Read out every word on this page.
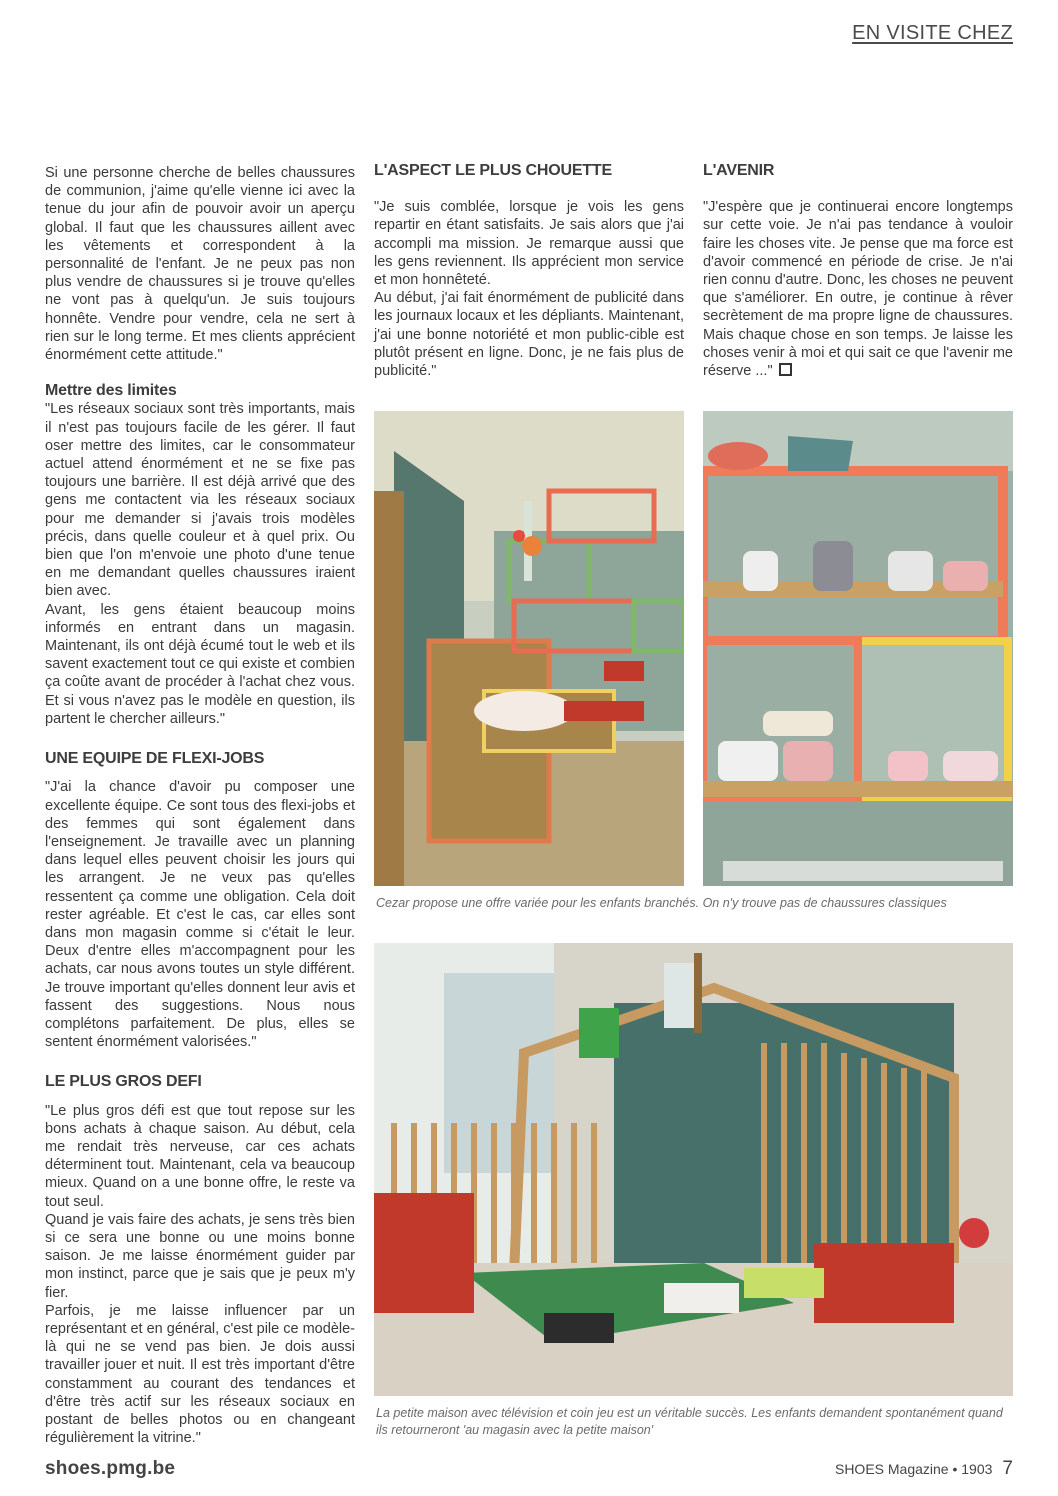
EN VISITE CHEZ

Si une personne cherche de belles chaussures de communion, j'aime qu'elle vienne ici avec la tenue du jour afin de pouvoir avoir un aperçu global. Il faut que les chaussures aillent avec les vêtements et correspondent à la personnalité de l'enfant. Je ne peux pas non plus vendre de chaussures si je trouve qu'elles ne vont pas à quelqu'un. Je suis toujours honnête. Vendre pour vendre, cela ne sert à rien sur le long terme. Et mes clients apprécient énormément cette attitude."

Mettre des limites

"Les réseaux sociaux sont très importants, mais il n'est pas toujours facile de les gérer. Il faut oser mettre des limites, car le consommateur actuel attend énormément et ne se fixe pas toujours une barrière. Il est déjà arrivé que des gens me contactent via les réseaux sociaux pour me demander si j'avais trois modèles précis, dans quelle couleur et à quel prix. Ou bien que l'on m'envoie une photo d'une tenue en me demandant quelles chaussures iraient bien avec.

Avant, les gens étaient beaucoup moins informés en entrant dans un magasin. Maintenant, ils ont déjà écumé tout le web et ils savent exactement tout ce qui existe et combien ça coûte avant de procéder à l'achat chez vous. Et si vous n'avez pas le modèle en question, ils partent le chercher ailleurs."

UNE EQUIPE DE FLEXI-JOBS

"J'ai la chance d'avoir pu composer une excellente équipe. Ce sont tous des flexi-jobs et des femmes qui sont également dans l'enseignement. Je travaille avec un planning dans lequel elles peuvent choisir les jours qui les arrangent. Je ne veux pas qu'elles ressentent ça comme une obligation. Cela doit rester agréable. Et c'est le cas, car elles sont dans mon magasin comme si c'était le leur. Deux d'entre elles m'accompagnent pour les achats, car nous avons toutes un style différent. Je trouve important qu'elles donnent leur avis et fassent des suggestions. Nous nous complétons parfaitement. De plus, elles se sentent énormément valorisées."

LE PLUS GROS DEFI

"Le plus gros défi est que tout repose sur les bons achats à chaque saison. Au début, cela me rendait très nerveuse, car ces achats déterminent tout. Maintenant, cela va beaucoup mieux. Quand on a une bonne offre, le reste va tout seul.

Quand je vais faire des achats, je sens très bien si ce sera une bonne ou une moins bonne saison. Je me laisse énormément guider par mon instinct, parce que je sais que je peux m'y fier.

Parfois, je me laisse influencer par un représentant et en général, c'est pile ce modèle-là qui ne se vend pas bien. Je dois aussi travailler jouer et nuit. Il est très important d'être constamment au courant des tendances et d'être très actif sur les réseaux sociaux en postant de belles photos ou en changeant régulièrement la vitrine."

L'ASPECT LE PLUS CHOUETTE

"Je suis comblée, lorsque je vois les gens repartir en étant satisfaits. Je sais alors que j'ai accompli ma mission. Je remarque aussi que les gens reviennent. Ils apprécient mon service et mon honnêteté.

Au début, j'ai fait énormément de publicité dans les journaux locaux et les dépliants. Maintenant, j'ai une bonne notoriété et mon public-cible est plutôt présent en ligne. Donc, je ne fais plus de publicité."

L'AVENIR

"J'espère que je continuerai encore longtemps sur cette voie. Je n'ai pas tendance à vouloir faire les choses vite. Je pense que ma force est d'avoir commencé en période de crise. Je n'ai rien connu d'autre. Donc, les choses ne peuvent que s'améliorer. En outre, je continue à rêver secrètement de ma propre ligne de chaussures. Mais chaque chose en son temps. Je laisse les choses venir à moi et qui sait ce que l'avenir me réserve ..."

Cezar propose une offre variée pour les enfants branchés. On n'y trouve pas de chaussures classiques
La petite maison avec télévision et coin jeu est un véritable succès. Les enfants demandent spontanément quand ils retourneront 'au magasin avec la petite maison'
shoes.pmg.be	SHOES Magazine • 1903 7
